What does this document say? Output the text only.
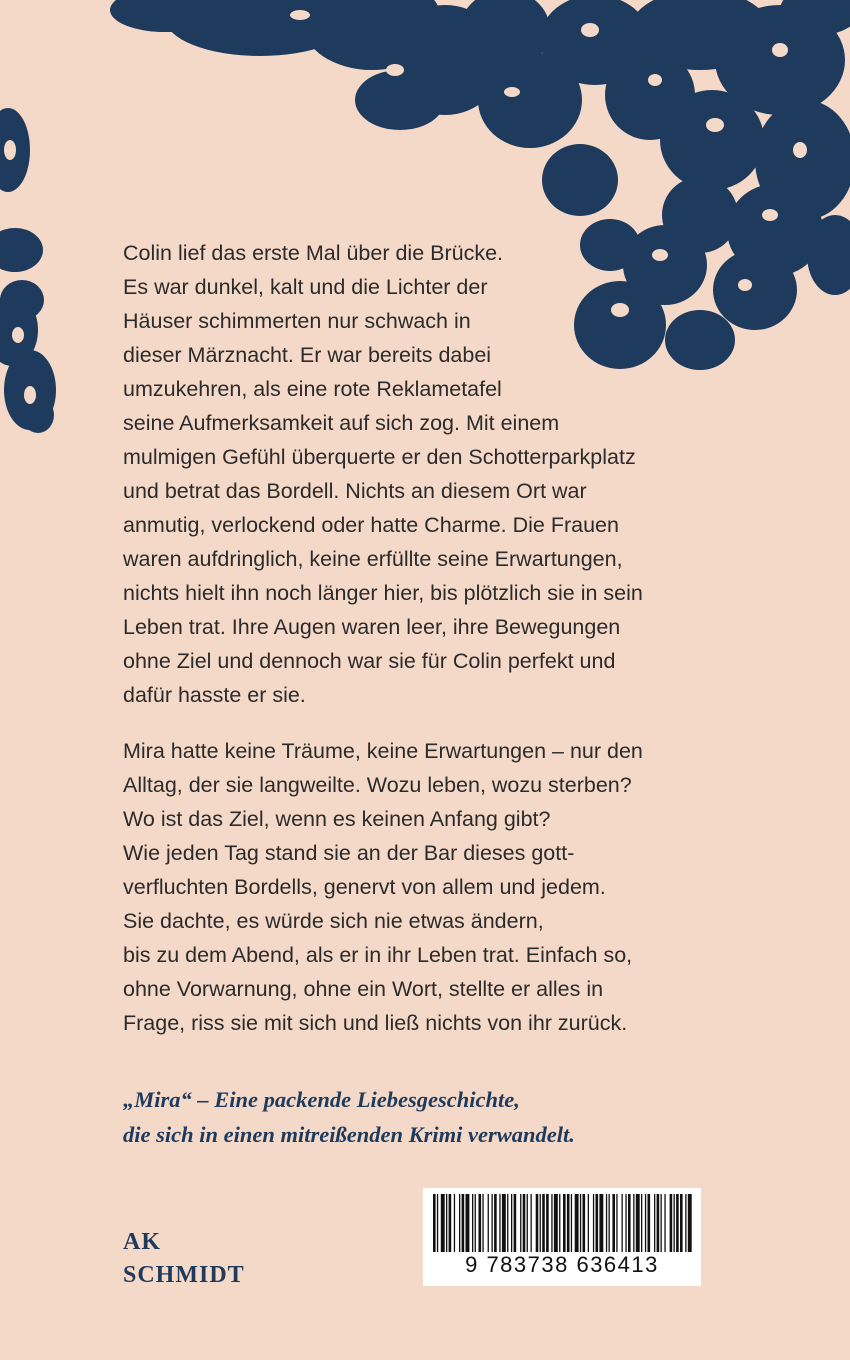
Colin lief das erste Mal über die Brücke.
Es war dunkel, kalt und die Lichter der
Häuser schimmerten nur schwach in
dieser Märznacht. Er war bereits dabei
umzukehren, als eine rote Reklametafel
seine Aufmerksamkeit auf sich zog. Mit einem
mulmigen Gefühl überquerte er den Schotterparkplatz
und betrat das Bordell. Nichts an diesem Ort war
anmutig, verlockend oder hatte Charme. Die Frauen
waren aufdringlich, keine erfüllte seine Erwartungen,
nichts hielt ihn noch länger hier, bis plötzlich sie in sein
Leben trat. Ihre Augen waren leer, ihre Bewegungen
ohne Ziel und dennoch war sie für Colin perfekt und
dafür hasste er sie.

Mira hatte keine Träume, keine Erwartungen – nur den
Alltag, der sie langweilte. Wozu leben, wozu sterben?
Wo ist das Ziel, wenn es keinen Anfang gibt?
Wie jeden Tag stand sie an der Bar dieses gott-
verfluchten Bordells, genervt von allem und jedem.
Sie dachte, es würde sich nie etwas ändern,
bis zu dem Abend, als er in ihr Leben trat. Einfach so,
ohne Vorwarnung, ohne ein Wort, stellte er alles in
Frage, riss sie mit sich und ließ nichts von ihr zurück.

„Mira“ – Eine packende Liebesgeschichte,
die sich in einen mitreißenden Krimi verwandelt.
AK
SCHMIDT	9 783738 636413
